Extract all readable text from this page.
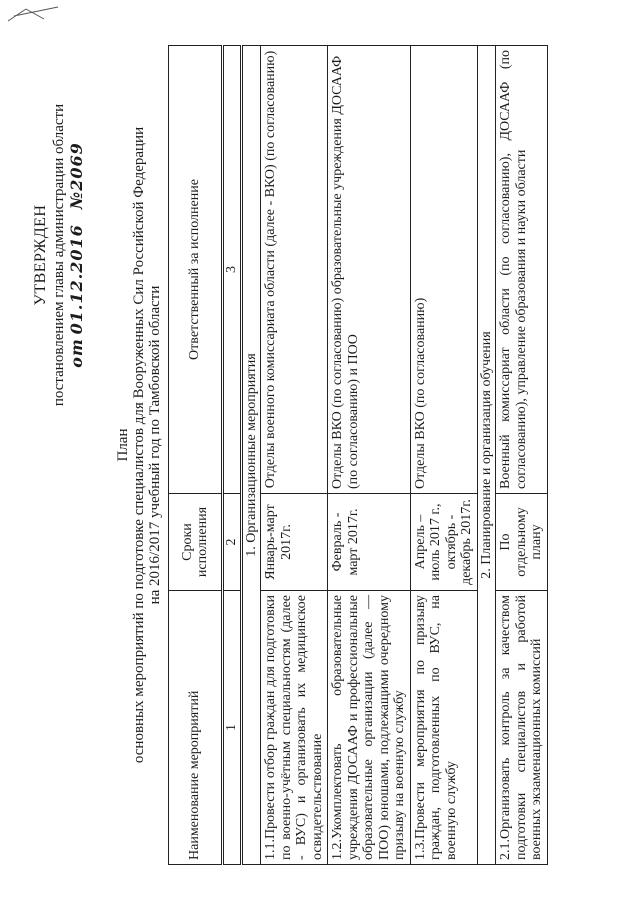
УТВЕРЖДЕН постановлением главы администрации области от 01.12.2016    №2069
План основных мероприятий по подготовке специалистов для Вооруженных Сил Российской Федерации на 2016/2017 учебный год по Тамбовской области
Наименование мероприятий	Сроки исполнения	Ответственный за исполнение
1	2	3
1. Организационные мероприятия		
1.1.Провести отбор граждан для подготовки по военно-учётным специальностям (далее - ВУС) и организовать их медицинское освидетельствование	Январь-март 2017г.	Отделы военного комиссариата области (далее - ВКО) (по согласованию)
1.2.Укомплектовать образовательные учреждения ДОСААФ и профессиональные образовательные организации (далее — ПОО) юношами, подлежащими очередному призыву на военную службу	Февраль - март 2017г.	Отделы ВКО (по согласованию) образовательные учреждения ДОСААФ (по согласованию) и ПОО
1.3.Провести мероприятия по призыву граждан, подготовленных по ВУС, на военную службу	Апрель – июль 2017 г., октябрь - декабрь 2017г.	Отделы ВКО (по согласованию)
2. Планирование и организация обучения		
2.1.Организовать контроль за качеством подготовки специалистов и работой военных экзаменационных комиссий	По отдельному плану	Военный комиссариат области (по согласованию), ДОСААФ (по согласованию), управление образования и науки области
